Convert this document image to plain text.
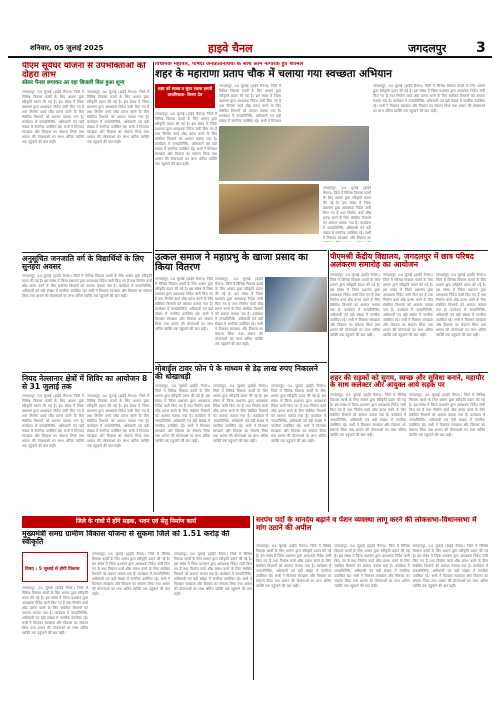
शनिवार, 05 जुलाई 2025	हाइवे चैनल	जगदलपुर 3
पीएम सूर्यघर योजना से उपभोक्ताओं को दोहरा लाभ
सोलर पैनल लगाकर आ रहा बिजली बिल हुआ शून्य
जगदलपुर, 04 जुलाई (हाईवे चैनल)। जिले में विभिन्न विकास कार्यों के लिए शासन द्वारा स्वीकृति प्रदान की गई है। इस संबंध में जिला प्रशासन द्वारा आवश्यक निर्देश जारी किए गए हैं तथा निर्माण कार्य शीघ्र प्रारंभ करने के लिए संबंधित विभागों को अवगत कराया गया है। कार्यक्रम में जनप्रतिनिधि, अधिकारी एवं बड़ी संख्या में नागरिक उपस्थित रहे। सभी ने मिलकर स्वच्छता और विकास का संकल्प लिया तथा शासन की योजनाओं का लाभ अंतिम व्यक्ति तक पहुंचाने की बात कही।
जगदलपुर, 04 जुलाई (हाईवे चैनल)। जिले में विभिन्न विकास कार्यों के लिए शासन द्वारा स्वीकृति प्रदान की गई है। इस संबंध में जिला प्रशासन द्वारा आवश्यक निर्देश जारी किए गए हैं तथा निर्माण कार्य शीघ्र प्रारंभ करने के लिए संबंधित विभागों को अवगत कराया गया है। कार्यक्रम में जनप्रतिनिधि, अधिकारी एवं बड़ी संख्या में नागरिक उपस्थित रहे। सभी ने मिलकर स्वच्छता और विकास का संकल्प लिया तथा शासन की योजनाओं का लाभ अंतिम व्यक्ति तक पहुंचाने की बात कही।
विधायक महापौर, पार्षदों जनप्रतिनिधियों के साथ आम नागरिक हुए शामिल
शहर के महाराणा प्रताप चौक में चलाया गया स्वच्छता अभियान
शहर को स्वच्छ व सुंदर रखना हमारी प्राथमिकता- किरण देव
जगदलपुर, 04 जुलाई (हाईवे चैनल)। जिले में विभिन्न विकास कार्यों के लिए शासन द्वारा स्वीकृति प्रदान की गई है। इस संबंध में जिला प्रशासन द्वारा आवश्यक निर्देश जारी किए गए हैं तथा निर्माण कार्य शीघ्र प्रारंभ करने के लिए संबंधित विभागों को अवगत कराया गया है। कार्यक्रम में जनप्रतिनिधि, अधिकारी एवं बड़ी संख्या में नागरिक उपस्थित रहे। सभी ने मिलकर स्वच्छता और विकास का संकल्प लिया तथा शासन की योजनाओं का लाभ अंतिम व्यक्ति तक पहुंचाने की बात कही।
जगदलपुर, 04 जुलाई (हाईवे चैनल)। जिले में विभिन्न विकास कार्यों के लिए शासन द्वारा स्वीकृति प्रदान की गई है। इस संबंध में जिला प्रशासन द्वारा आवश्यक निर्देश जारी किए गए हैं तथा निर्माण कार्य शीघ्र प्रारंभ करने के लिए संबंधित विभागों को अवगत कराया गया है। कार्यक्रम में जनप्रतिनिधि, अधिकारी एवं बड़ी संख्या में नागरिक उपस्थित रहे। सभी ने मिलकर
जगदलपुर, 04 जुलाई (हाईवे चैनल)। जिले में विभिन्न विकास कार्यों के लिए शासन द्वारा स्वीकृति प्रदान की गई है। इस संबंध में जिला प्रशासन द्वारा आवश्यक निर्देश जारी किए गए हैं तथा निर्माण कार्य शीघ्र प्रारंभ करने के लिए संबंधित विभागों को अवगत कराया गया है। कार्यक्रम में जनप्रतिनिधि, अधिकारी एवं बड़ी संख्या में नागरिक उपस्थित रहे। सभी ने मिलकर स्वच्छता और विकास का संकल्प लिया तथा शासन की योजनाओं का लाभ अंतिम व्यक्ति तक पहुंचाने की बात कही।
जगदलपुर, 04 जुलाई (हाईवे चैनल)। जिले में विभिन्न विकास कार्यों के लिए शासन द्वारा स्वीकृति प्रदान की गई है। इस संबंध में जिला प्रशासन द्वारा आवश्यक निर्देश जारी किए गए हैं तथा निर्माण कार्य शीघ्र प्रारंभ करने के लिए संबंधित विभागों को अवगत कराया गया है। कार्यक्रम में जनप्रतिनिधि, अधिकारी एवं बड़ी संख्या में नागरिक उपस्थित रहे। सभी ने मिलकर स्वच्छता और विकास का
अनुसूचित जनजाति वर्ग के विद्यार्थियों के लिए सुनहरा अवसर
जगदलपुर, 04 जुलाई (हाईवे चैनल)। जिले में विभिन्न विकास कार्यों के लिए शासन द्वारा स्वीकृति प्रदान की गई है। इस संबंध में जिला प्रशासन द्वारा आवश्यक निर्देश जारी किए गए हैं तथा निर्माण कार्य शीघ्र प्रारंभ करने के लिए संबंधित विभागों को अवगत कराया गया है। कार्यक्रम में जनप्रतिनिधि, अधिकारी एवं बड़ी संख्या में नागरिक उपस्थित रहे। सभी ने मिलकर स्वच्छता और विकास का संकल्प लिया तथा शासन की योजनाओं का लाभ अंतिम व्यक्ति तक पहुंचाने की बात कही।
उत्कल समाज ने महाप्रभु के खाजा प्रसाद का किया वितरण
जगदलपुर, 04 जुलाई (हाईवे चैनल)। जिले में विभिन्न विकास कार्यों के लिए शासन द्वारा स्वीकृति प्रदान की गई है। इस संबंध में जिला प्रशासन द्वारा आवश्यक निर्देश जारी किए गए हैं तथा निर्माण कार्य शीघ्र प्रारंभ करने के लिए संबंधित विभागों को अवगत कराया गया है। कार्यक्रम में जनप्रतिनिधि, अधिकारी एवं बड़ी संख्या में नागरिक उपस्थित रहे। सभी ने मिलकर स्वच्छता और विकास का संकल्प लिया तथा शासन की योजनाओं का लाभ अंतिम व्यक्ति तक पहुंचाने की बात कही।
जगदलपुर, 04 जुलाई (हाईवे चैनल)। जिले में विभिन्न विकास कार्यों के लिए शासन द्वारा स्वीकृति प्रदान की गई है। इस संबंध में जिला प्रशासन द्वारा आवश्यक निर्देश जारी किए गए हैं तथा निर्माण कार्य शीघ्र प्रारंभ करने के लिए संबंधित विभागों को अवगत कराया गया है। कार्यक्रम में जनप्रतिनिधि, अधिकारी एवं बड़ी संख्या में नागरिक उपस्थित रहे। सभी ने मिलकर स्वच्छता और विकास का संकल्प लिया तथा शासन की योजनाओं का लाभ अंतिम व्यक्ति तक पहुंचाने की बात कही।
पीएमश्री केंद्रीय विद्यालय, जगदलपुर में छात्र परिषद अलंकरण समारोह का आयोजन
जगदलपुर, 04 जुलाई (हाईवे चैनल)। जिले में विभिन्न विकास कार्यों के लिए शासन द्वारा स्वीकृति प्रदान की गई है। इस संबंध में जिला प्रशासन द्वारा आवश्यक निर्देश जारी किए गए हैं तथा निर्माण कार्य शीघ्र प्रारंभ करने के लिए संबंधित विभागों को अवगत कराया गया है। कार्यक्रम में जनप्रतिनिधि, अधिकारी एवं बड़ी संख्या में नागरिक उपस्थित रहे। सभी ने मिलकर स्वच्छता और विकास का संकल्प लिया तथा शासन की योजनाओं का लाभ अंतिम व्यक्ति तक पहुंचाने की बात कही।
जगदलपुर, 04 जुलाई (हाईवे चैनल)। जिले में विभिन्न विकास कार्यों के लिए शासन द्वारा स्वीकृति प्रदान की गई है। इस संबंध में जिला प्रशासन द्वारा आवश्यक निर्देश जारी किए गए हैं तथा निर्माण कार्य शीघ्र प्रारंभ करने के लिए संबंधित विभागों को अवगत कराया गया है। कार्यक्रम में जनप्रतिनिधि, अधिकारी एवं बड़ी संख्या में नागरिक उपस्थित रहे। सभी ने मिलकर स्वच्छता और विकास का संकल्प लिया तथा शासन की योजनाओं का लाभ अंतिम व्यक्ति तक पहुंचाने की बात कही।
जगदलपुर, 04 जुलाई (हाईवे चैनल)। जिले में विभिन्न विकास कार्यों के लिए शासन द्वारा स्वीकृति प्रदान की गई है। इस संबंध में जिला प्रशासन द्वारा आवश्यक निर्देश जारी किए गए हैं तथा निर्माण कार्य शीघ्र प्रारंभ करने के लिए संबंधित विभागों को अवगत कराया गया है। कार्यक्रम में जनप्रतिनिधि, अधिकारी एवं बड़ी संख्या में नागरिक उपस्थित रहे। सभी ने मिलकर स्वच्छता और विकास का संकल्प लिया तथा शासन की योजनाओं का लाभ अंतिम व्यक्ति तक पहुंचाने की बात कही।
नियद नेल्लानार क्षेत्रों में शिविर का आयोजन 8 से 31 जुलाई तक
जगदलपुर, 04 जुलाई (हाईवे चैनल)। जिले में विभिन्न विकास कार्यों के लिए शासन द्वारा स्वीकृति प्रदान की गई है। इस संबंध में जिला प्रशासन द्वारा आवश्यक निर्देश जारी किए गए हैं तथा निर्माण कार्य शीघ्र प्रारंभ करने के लिए संबंधित विभागों को अवगत कराया गया है। कार्यक्रम में जनप्रतिनिधि, अधिकारी एवं बड़ी संख्या में नागरिक उपस्थित रहे। सभी ने मिलकर स्वच्छता और विकास का संकल्प लिया तथा शासन की योजनाओं का लाभ अंतिम व्यक्ति तक पहुंचाने की बात कही।
जगदलपुर, 04 जुलाई (हाईवे चैनल)। जिले में विभिन्न विकास कार्यों के लिए शासन द्वारा स्वीकृति प्रदान की गई है। इस संबंध में जिला प्रशासन द्वारा आवश्यक निर्देश जारी किए गए हैं तथा निर्माण कार्य शीघ्र प्रारंभ करने के लिए संबंधित विभागों को अवगत कराया गया है। कार्यक्रम में जनप्रतिनिधि, अधिकारी एवं बड़ी संख्या में नागरिक उपस्थित रहे। सभी ने मिलकर स्वच्छता और विकास का संकल्प लिया तथा शासन की योजनाओं का लाभ अंतिम व्यक्ति तक पहुंचाने की बात कही।
मोबाईल टावर फोन पे के माध्यम से डेढ़ लाख रुपए निकालने की धोखाधड़ी
जगदलपुर, 04 जुलाई (हाईवे चैनल)। जिले में विभिन्न विकास कार्यों के लिए शासन द्वारा स्वीकृति प्रदान की गई है। इस संबंध में जिला प्रशासन द्वारा आवश्यक निर्देश जारी किए गए हैं तथा निर्माण कार्य शीघ्र प्रारंभ करने के लिए संबंधित विभागों को अवगत कराया गया है। कार्यक्रम में जनप्रतिनिधि, अधिकारी एवं बड़ी संख्या में नागरिक उपस्थित रहे। सभी ने मिलकर स्वच्छता और विकास का संकल्प लिया तथा शासन की योजनाओं का लाभ अंतिम व्यक्ति तक पहुंचाने की बात कही।
जगदलपुर, 04 जुलाई (हाईवे चैनल)। जिले में विभिन्न विकास कार्यों के लिए शासन द्वारा स्वीकृति प्रदान की गई है। इस संबंध में जिला प्रशासन द्वारा आवश्यक निर्देश जारी किए गए हैं तथा निर्माण कार्य शीघ्र प्रारंभ करने के लिए संबंधित विभागों को अवगत कराया गया है। कार्यक्रम में जनप्रतिनिधि, अधिकारी एवं बड़ी संख्या में नागरिक उपस्थित रहे। सभी ने मिलकर स्वच्छता और विकास का संकल्प लिया तथा शासन की योजनाओं का लाभ अंतिम व्यक्ति तक पहुंचाने की बात कही।
जगदलपुर, 04 जुलाई (हाईवे चैनल)। जिले में विभिन्न विकास कार्यों के लिए शासन द्वारा स्वीकृति प्रदान की गई है। इस संबंध में जिला प्रशासन द्वारा आवश्यक निर्देश जारी किए गए हैं तथा निर्माण कार्य शीघ्र प्रारंभ करने के लिए संबंधित विभागों को अवगत कराया गया है। कार्यक्रम में जनप्रतिनिधि, अधिकारी एवं बड़ी संख्या में नागरिक उपस्थित रहे। सभी ने मिलकर स्वच्छता और विकास का संकल्प लिया तथा शासन की योजनाओं का लाभ अंतिम व्यक्ति तक पहुंचाने की बात कही।
शहर की सड़कों को सुगम, स्वच्छ और सुविधा बनाने, महापौर के साथ कलेक्टर और आयुक्त आये सड़क पर
जगदलपुर, 04 जुलाई (हाईवे चैनल)। जिले में विभिन्न विकास कार्यों के लिए शासन द्वारा स्वीकृति प्रदान की गई है। इस संबंध में जिला प्रशासन द्वारा आवश्यक निर्देश जारी किए गए हैं तथा निर्माण कार्य शीघ्र प्रारंभ करने के लिए संबंधित विभागों को अवगत कराया गया है। कार्यक्रम में जनप्रतिनिधि, अधिकारी एवं बड़ी संख्या में नागरिक उपस्थित रहे। सभी ने मिलकर स्वच्छता और विकास का संकल्प लिया तथा शासन की योजनाओं का लाभ अंतिम व्यक्ति तक पहुंचाने की बात कही।
जगदलपुर, 04 जुलाई (हाईवे चैनल)। जिले में विभिन्न विकास कार्यों के लिए शासन द्वारा स्वीकृति प्रदान की गई है। इस संबंध में जिला प्रशासन द्वारा आवश्यक निर्देश जारी किए गए हैं तथा निर्माण कार्य शीघ्र प्रारंभ करने के लिए संबंधित विभागों को अवगत कराया गया है। कार्यक्रम में जनप्रतिनिधि, अधिकारी एवं बड़ी संख्या में नागरिक उपस्थित रहे। सभी ने मिलकर स्वच्छता और विकास का संकल्प लिया तथा शासन की योजनाओं का लाभ अंतिम व्यक्ति तक पहुंचाने की बात कही।
जिले के गांवों में होंगे सड़क, भवन एवं सेतु निर्माण कार्य	सरपंच पदों के मानदेय बढ़ाने व पेंशन व्यवस्था लागू करने की लोकसभा-विधानसभा में मांग उठाने की अपील
मुख्यमंत्री समग्र ग्रामीण विकास योजना से सुकमा जिले को 1.51 करोड़ की स्वीकृति
विषय : 5 जुलाई से होगी विकास
जगदलपुर, 04 जुलाई (हाईवे चैनल)। जिले में विभिन्न विकास कार्यों के लिए शासन द्वारा स्वीकृति प्रदान की गई है। इस संबंध में जिला प्रशासन द्वारा आवश्यक निर्देश जारी किए गए हैं तथा निर्माण कार्य शीघ्र प्रारंभ करने के लिए संबंधित विभागों को अवगत कराया गया है। कार्यक्रम में जनप्रतिनिधि, अधिकारी एवं बड़ी संख्या में नागरिक उपस्थित रहे। सभी ने मिलकर स्वच्छता और विकास का संकल्प लिया तथा शासन की योजनाओं का लाभ अंतिम व्यक्ति तक पहुंचाने की बात कही।
जगदलपुर, 04 जुलाई (हाईवे चैनल)। जिले में विभिन्न विकास कार्यों के लिए शासन द्वारा स्वीकृति प्रदान की गई है। इस संबंध में जिला प्रशासन द्वारा आवश्यक निर्देश जारी किए गए हैं तथा निर्माण कार्य शीघ्र प्रारंभ करने के लिए संबंधित विभागों को अवगत कराया गया है। कार्यक्रम में जनप्रतिनिधि, अधिकारी एवं बड़ी संख्या में नागरिक उपस्थित रहे। सभी ने मिलकर स्वच्छता और विकास का संकल्प लिया तथा शासन की योजनाओं का लाभ अंतिम व्यक्ति तक पहुंचाने की बात कही।
जगदलपुर, 04 जुलाई (हाईवे चैनल)। जिले में विभिन्न विकास कार्यों के लिए शासन द्वारा स्वीकृति प्रदान की गई है। इस संबंध में जिला प्रशासन द्वारा आवश्यक निर्देश जारी किए गए हैं तथा निर्माण कार्य शीघ्र प्रारंभ करने के लिए संबंधित विभागों को अवगत कराया गया है। कार्यक्रम में जनप्रतिनिधि, अधिकारी एवं बड़ी संख्या में नागरिक उपस्थित रहे। सभी ने मिलकर स्वच्छता और विकास का संकल्प लिया तथा शासन की योजनाओं का लाभ अंतिम व्यक्ति तक पहुंचाने की बात कही।
जगदलपुर, 04 जुलाई (हाईवे चैनल)। जिले में विभिन्न विकास कार्यों के लिए शासन द्वारा स्वीकृति प्रदान की गई है। इस संबंध में जिला प्रशासन द्वारा आवश्यक निर्देश जारी किए गए हैं तथा निर्माण कार्य शीघ्र प्रारंभ करने के लिए संबंधित विभागों को अवगत कराया गया है। कार्यक्रम में जनप्रतिनिधि, अधिकारी एवं बड़ी संख्या में नागरिक उपस्थित रहे। सभी ने मिलकर स्वच्छता और विकास का संकल्प लिया तथा शासन की योजनाओं का लाभ अंतिम व्यक्ति तक पहुंचाने की बात कही।
जगदलपुर, 04 जुलाई (हाईवे चैनल)। जिले में विभिन्न विकास कार्यों के लिए शासन द्वारा स्वीकृति प्रदान की गई है। इस संबंध में जिला प्रशासन द्वारा आवश्यक निर्देश जारी किए गए हैं तथा निर्माण कार्य शीघ्र प्रारंभ करने के लिए संबंधित विभागों को अवगत कराया गया है। कार्यक्रम में जनप्रतिनिधि, अधिकारी एवं बड़ी संख्या में नागरिक उपस्थित रहे। सभी ने मिलकर स्वच्छता और विकास का संकल्प लिया तथा शासन की योजनाओं का लाभ अंतिम व्यक्ति तक पहुंचाने की बात कही।
जगदलपुर, 04 जुलाई (हाईवे चैनल)। जिले में विभिन्न विकास कार्यों के लिए शासन द्वारा स्वीकृति प्रदान की गई है। इस संबंध में जिला प्रशासन द्वारा आवश्यक निर्देश जारी किए गए हैं तथा निर्माण कार्य शीघ्र प्रारंभ करने के लिए संबंधित विभागों को अवगत कराया गया है। कार्यक्रम में जनप्रतिनिधि, अधिकारी एवं बड़ी संख्या में नागरिक उपस्थित रहे। सभी ने मिलकर स्वच्छता और विकास का संकल्प लिया तथा शासन की योजनाओं का लाभ अंतिम व्यक्ति तक पहुंचाने की बात कही।
